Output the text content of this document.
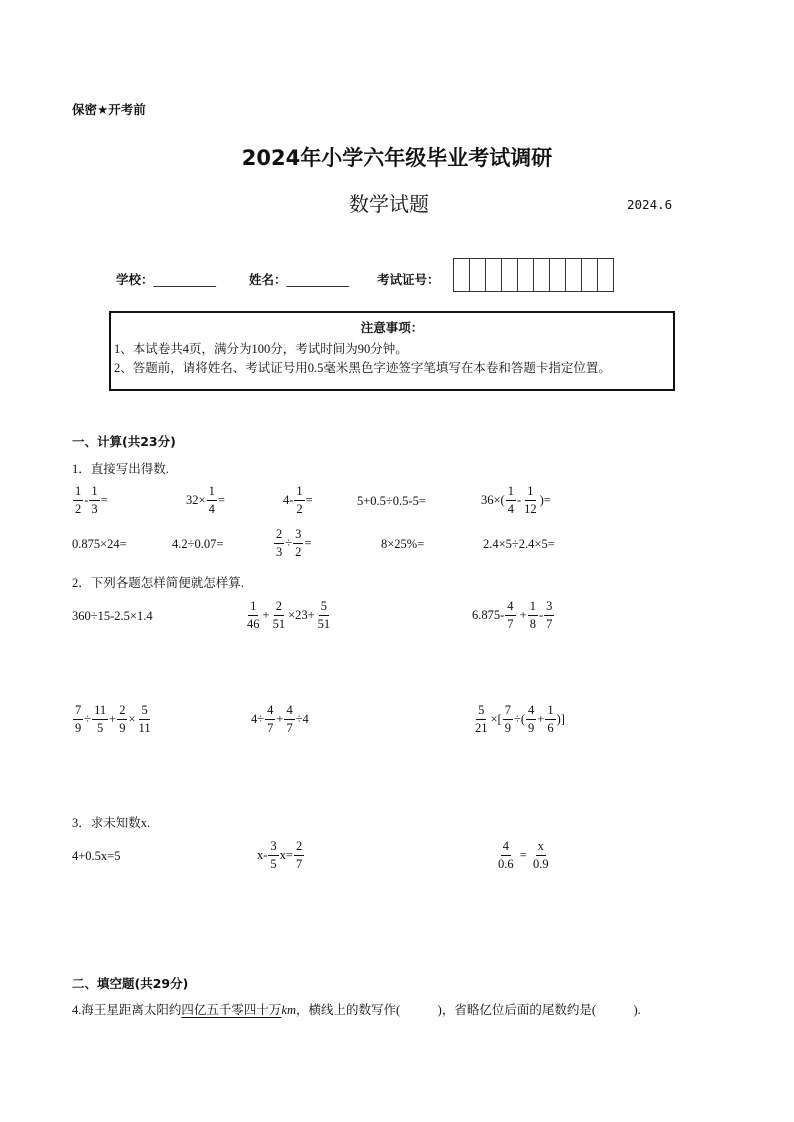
保密★开考前
2024年小学六年级毕业考试调研
数学试题	2024.6
学校：__________	姓名：__________ 考试证号：
注意事项：
1、本试卷共4页，满分为100分，考试时间为90分钟。
2、答题前，请将姓名、考试证号用0.5毫米黑色字迹签字笔填写在本卷和答题卡指定位置。
一、计算(共23分)
1．直接写出得数.
$\frac{1}{2} - \frac{1}{3}$ =	$32\times \frac{1}{4}$ =	$4- \frac{1}{2}$ =	5+0.5÷0.5-5=	$36\times( \frac{1}{4} - \frac{1}{12}$ )=
0.875×24=	4.2÷0.07=	$\frac{2}{3} \div \frac{3}{2}$ =	8×25%=	2.4×5÷2.4×5=
2．下列各题怎样简便就怎样算.
360÷15-2.5×1.4	$\frac{1}{46} + \frac{2}{51} \times 23+ \frac{5}{51}$	$6.875- \frac{4}{7} + \frac{1}{8} - \frac{3}{7}$
$\frac{7}{9} \div \frac{11}{5} + \frac{2}{9} \times \frac{5}{11}$	$4\div \frac{4}{7} + \frac{4}{7} \div 4$	$\frac{5}{21}$ ×[ $\frac{7}{9}$ ÷( $\frac{4}{9} + \frac{1}{6}$ )]
3．求未知数x.
4+0.5x=5	$x- \frac{3}{5} x= \frac{2}{7}$	$\frac{4}{0.6} = \frac{x}{0.9}$
二、填空题(共29分)
4.海王星距离太阳约四亿五千零四十万km，横线上的数写作(	)，省略亿位后面的尾数约是(	).
